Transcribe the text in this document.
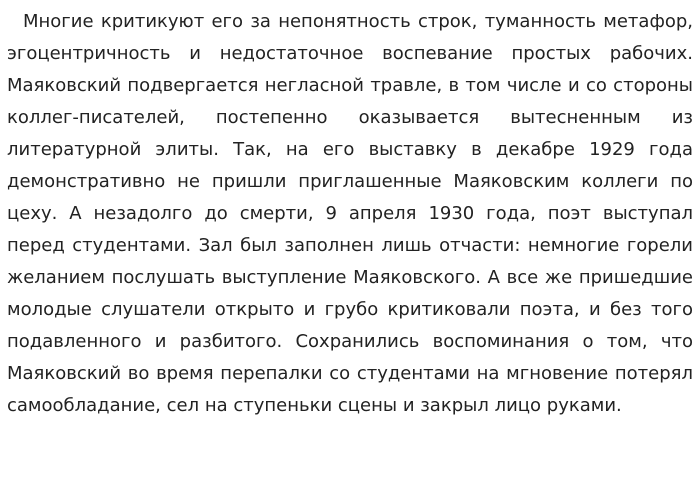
Многие критикуют его за непонятность строк, туманность метафор, эгоцентричность и недостаточное воспевание простых рабочих. Маяковский подвергается негласной травле, в том числе и со стороны коллег-писателей, постепенно оказывается вытесненным из литературной элиты. Так, на его выставку в декабре 1929 года демонстративно не пришли приглашенные Маяковским коллеги по цеху. А незадолго до смерти, 9 апреля 1930 года, поэт выступал перед студентами. Зал был заполнен лишь отчасти: немногие горели желанием послушать выступление Маяковского. А все же пришедшие молодые слушатели открыто и грубо критиковали поэта, и без того подавленного и разбитого. Сохранились воспоминания о том, что Маяковский во время перепалки со студентами на мгновение потерял самообладание, сел на ступеньки сцены и закрыл лицо руками.
